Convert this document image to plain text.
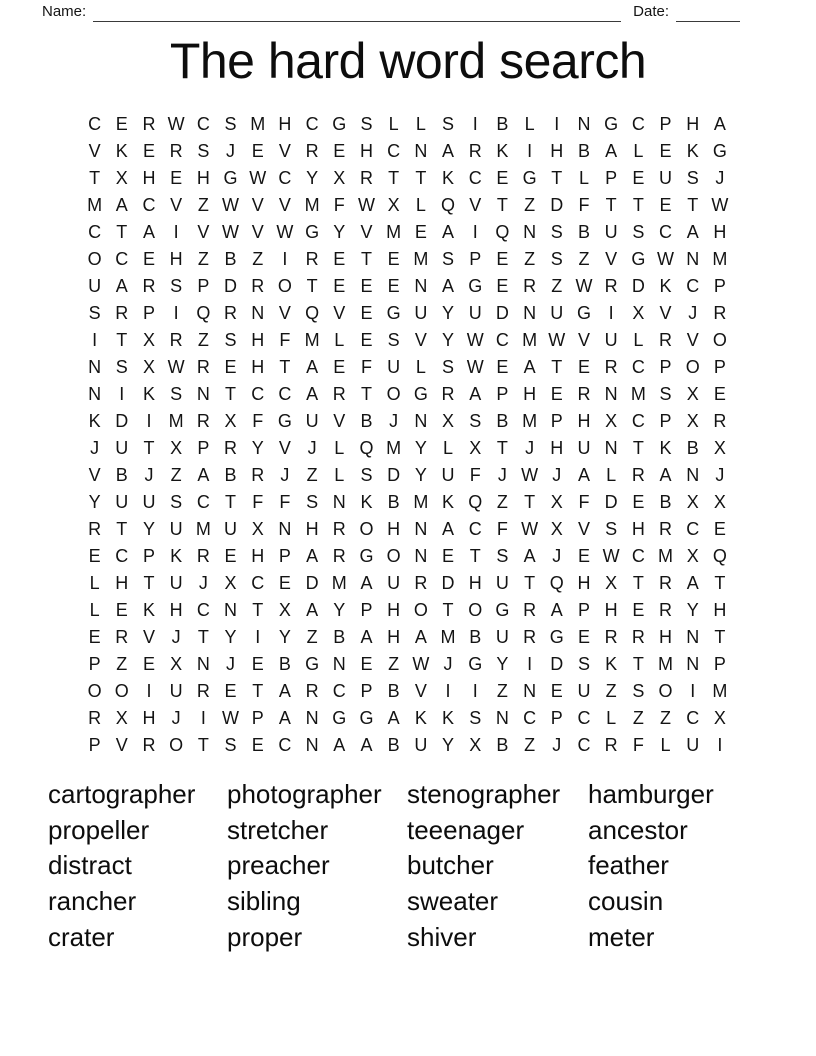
Name:	Date:
The hard word search
C E R W C S M H C G S L L S	I	B L	I	N G C P H A
V K E R S J E V R E H C N A R K	I	H B A L E K G
T X H E H G W C Y X R T T K C E G T L P E U S J
M A C V Z W V V M F W X L Q V T Z D F T T E T W
C T A	I	V W V W G Y V M E A	I Q N S B U S C A H
O C E H Z B Z	I	R E T E M S P E Z S Z V G W N M
U A R S P D R O T E E E N A G E R Z W R D K C P
S R P	I Q R N V Q V E G U Y U D N U G I	X V J R
I	T X R Z S H F M L E S V Y W C M W V U L R V O
N S X W R E H T A E F U L S W E A T E R C P O P
N	I	K S N T C C A R T O G R A P H E R N M S X E
K D	I M R X F G U V B J N X S B M P H X C P X R
J U T X P R Y V J L Q M Y L X T J H U N T K B X
V B J Z A B R J Z L S D Y U F J W J A L R A N J
Y U U S C T F F S N K B M K Q Z T X F D E B X X
R T Y U M U X N H R O H N A C F W X V S H R C E
E C P K R E H P A R G O N E T S A J E W C M X Q
L H T U J X C E D M A U R D H U T Q H X T R A T
L E K H C N T X A Y P H O T O G R A P H E R Y H
E R V J T Y	I	Y Z B A H A M B U R G E R R H N T
P Z E X N J E B G N E Z W J G Y	I	D S K T M N P
O O I	U R E T A R C P B V	I	I	Z N E U Z S O I M
R X H J	I W P A N G G A K K S N C P C L Z Z C X
P V R O T S E C N A A B U Y X B Z J C R F L U	I
cartographer
propeller
distract
rancher
crater
photographer
stretcher
preacher
sibling
proper
stenographer
teeenager
butcher
sweater
shiver
hamburger
ancestor
feather
cousin
meter
